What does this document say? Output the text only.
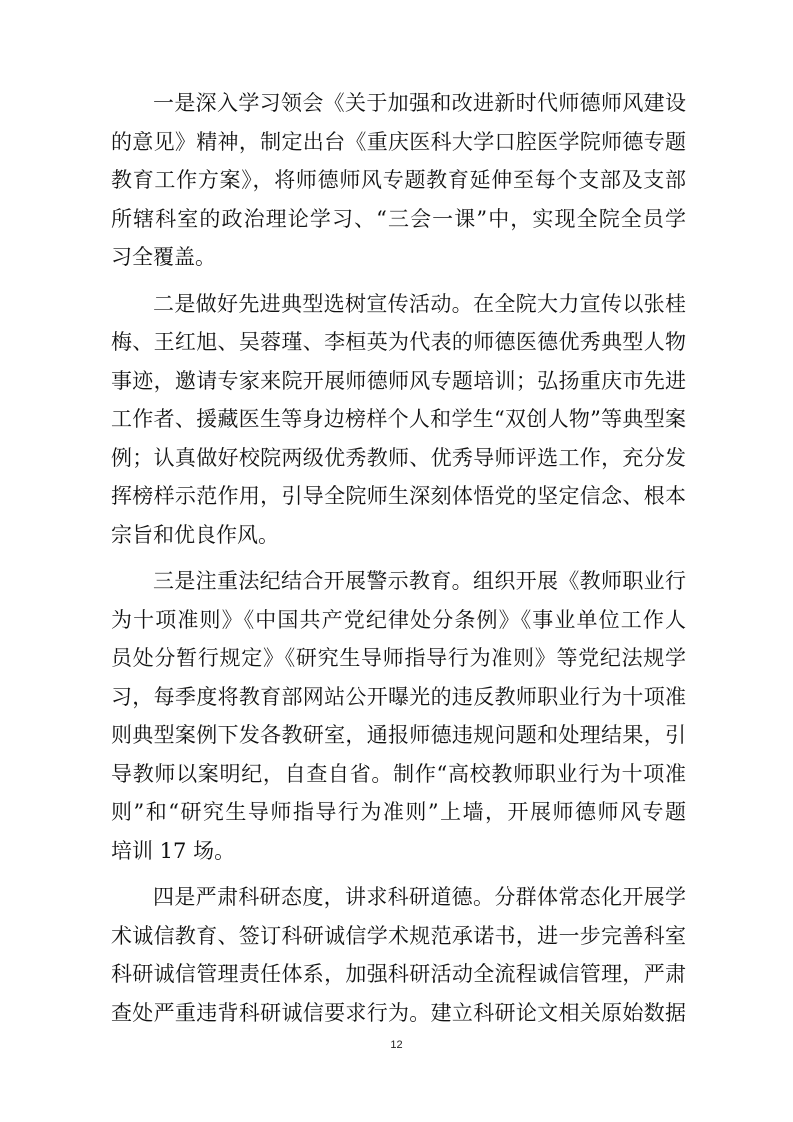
一是深入学习领会《关于加强和改进新时代师德师风建设
的意见》精神，制定出台《重庆医科大学口腔医学院师德专题
教育工作方案》，将师德师风专题教育延伸至每个支部及支部
所辖科室的政治理论学习、“三会一课”中，实现全院全员学
习全覆盖。
二是做好先进典型选树宣传活动。在全院大力宣传以张桂
梅、王红旭、吴蓉瑾、李桓英为代表的师德医德优秀典型人物
事迹，邀请专家来院开展师德师风专题培训；弘扬重庆市先进
工作者、援藏医生等身边榜样个人和学生“双创人物”等典型案
例；认真做好校院两级优秀教师、优秀导师评选工作，充分发
挥榜样示范作用，引导全院师生深刻体悟党的坚定信念、根本
宗旨和优良作风。
三是注重法纪结合开展警示教育。组织开展《教师职业行
为十项准则》《中国共产党纪律处分条例》《事业单位工作人
员处分暂行规定》《研究生导师指导行为准则》等党纪法规学
习，每季度将教育部网站公开曝光的违反教师职业行为十项准
则典型案例下发各教研室，通报师德违规问题和处理结果，引
导教师以案明纪，自查自省。制作“高校教师职业行为十项准
则”和“研究生导师指导行为准则”上墙，开展师德师风专题
培训 17 场。
四是严肃科研态度，讲求科研道德。分群体常态化开展学
术诚信教育、签订科研诚信学术规范承诺书，进一步完善科室
科研诚信管理责任体系，加强科研活动全流程诚信管理，严肃
查处严重违背科研诚信要求行为。建立科研论文相关原始数据
12
